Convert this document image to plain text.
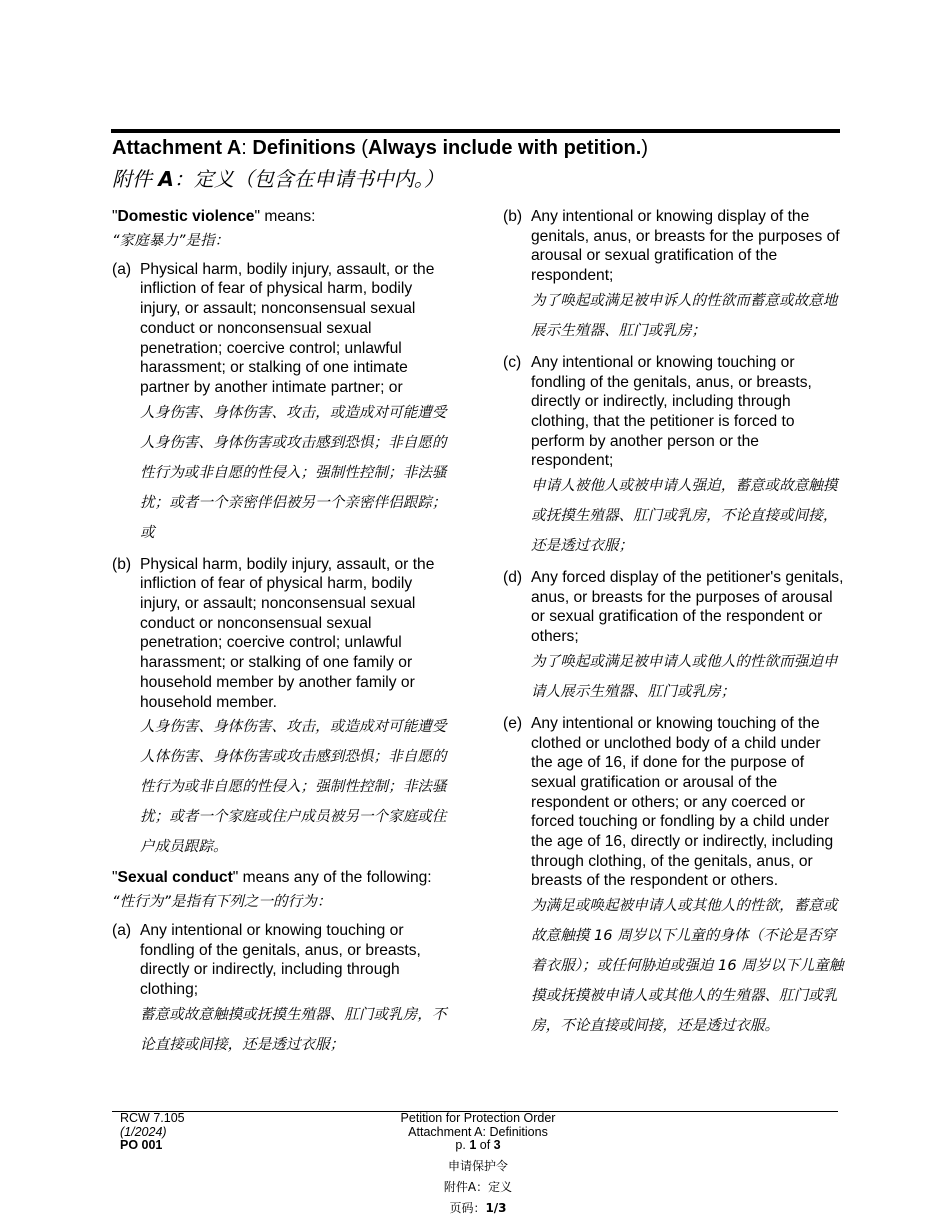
Attachment A: Definitions (Always include with petition.)
附件 A：定义（包含在申请书中内。）

"Domestic violence" means:

“家庭暴力”是指：

(a) Physical harm, bodily injury, assault, or the infliction of fear of physical harm, bodily injury, or assault; nonconsensual sexual conduct or nonconsensual sexual penetration; coercive control; unlawful harassment; or stalking of one intimate partner by another intimate partner; or

人身伤害、身体伤害、攻击，或造成对可能遭受人身伤害、身体伤害或攻击感到恐惧；非自愿的性行为或非自愿的性侵入；强制性控制；非法骚扰；或者一个亲密伴侣被另一个亲密伴侣跟踪；或

(b) Physical harm, bodily injury, assault, or the infliction of fear of physical harm, bodily injury, or assault; nonconsensual sexual conduct or nonconsensual sexual penetration; coercive control; unlawful harassment; or stalking of one family or household member by another family or household member.

人身伤害、身体伤害、攻击，或造成对可能遭受人体伤害、身体伤害或攻击感到恐惧；非自愿的性行为或非自愿的性侵入；强制性控制；非法骚扰；或者一个家庭或住户成员被另一个家庭或住户成员跟踪。

"Sexual conduct" means any of the following:

“性行为”是指有下列之一的行为：

(a) Any intentional or knowing touching or fondling of the genitals, anus, or breasts, directly or indirectly, including through clothing;

蓄意或故意触摸或抚摸生殖器、肛门或乳房，不论直接或间接，还是透过衣服；

(b) Any intentional or knowing display of the genitals, anus, or breasts for the purposes of arousal or sexual gratification of the respondent;

为了唤起或满足被申诉人的性欲而蓄意或故意地展示生殖器、肛门或乳房；

(c) Any intentional or knowing touching or fondling of the genitals, anus, or breasts, directly or indirectly, including through clothing, that the petitioner is forced to perform by another person or the respondent;

申请人被他人或被申请人强迫，蓄意或故意触摸或抚摸生殖器、肛门或乳房，不论直接或间接，还是透过衣服；

(d) Any forced display of the petitioner's genitals, anus, or breasts for the purposes of arousal or sexual gratification of the respondent or others;

为了唤起或满足被申请人或他人的性欲而强迫申请人展示生殖器、肛门或乳房；

(e) Any intentional or knowing touching of the clothed or unclothed body of a child under the age of 16, if done for the purpose of sexual gratification or arousal of the respondent or others; or any coerced or forced touching or fondling by a child under the age of 16, directly or indirectly, including through clothing, of the genitals, anus, or breasts of the respondent or others.

为满足或唤起被申请人或其他人的性欲，蓄意或故意触摸 16 周岁以下儿童的身体（不论是否穿着衣服）；或任何胁迫或强迫 16 周岁以下儿童触摸或抚摸被申请人或其他人的生殖器、肛门或乳房，不论直接或间接，还是透过衣服。

RCW 7.105
(1/2024)
PO 001
Petition for Protection Order
Attachment A: Definitions
p. 1 of 3
申请保护令
附件A：定义
页码：1/3
